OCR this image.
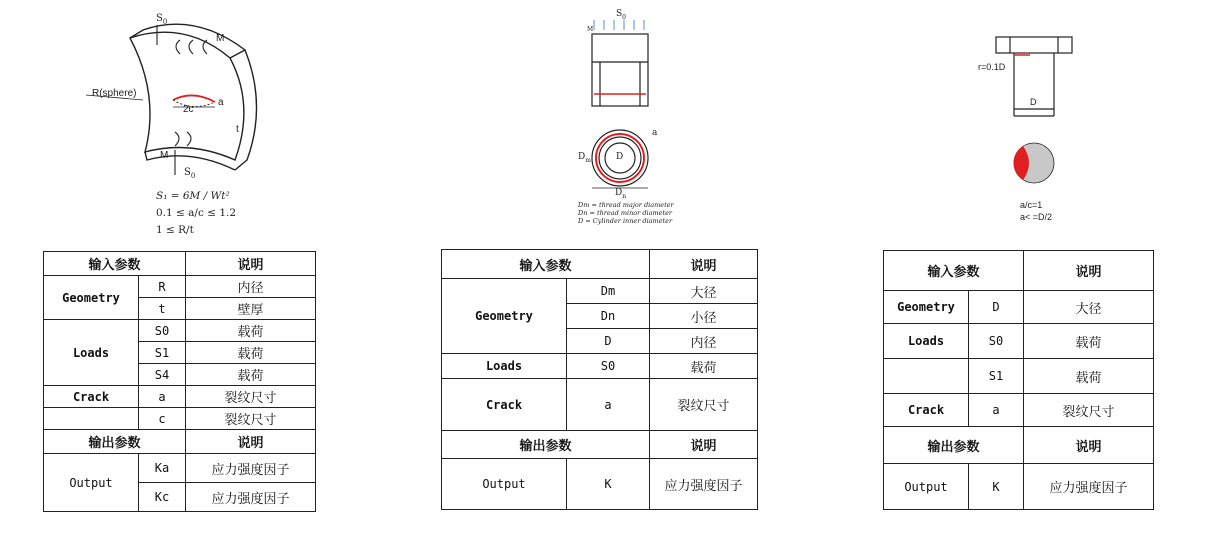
$S_0$
M
R(sphere)
2c
a
t
M
$S_0$
S₁ = 6M / Wt²
0.1 ≤ a/c ≤ 1.2
1 ≤ R/t
$S_0$
M
$D_m$	D
$D_n$
a
Dm = thread major diameter
Dn = thread minor diameter
D = Cylinder inner diameter
r=0.1D
D
a/c=1
a< =D/2
输入参数		说明
Geometry	R	内径
	t	壁厚
Loads	S0	载荷
	S1	载荷
	S4	载荷
Crack	a	裂纹尺寸
	c	裂纹尺寸
输出参数		说明
Output	Ka	应力强度因子
	Kc	应力强度因子
输入参数		说明
Geometry	Dm	大径
	Dn	小径
	D	内径
Loads	S0	载荷
Crack	a	裂纹尺寸
输出参数		说明
Output	K	应力强度因子
输入参数		说明
Geometry	D	大径
Loads	S0	载荷
	S1	载荷
Crack	a	裂纹尺寸
输出参数		说明
Output	K	应力强度因子
